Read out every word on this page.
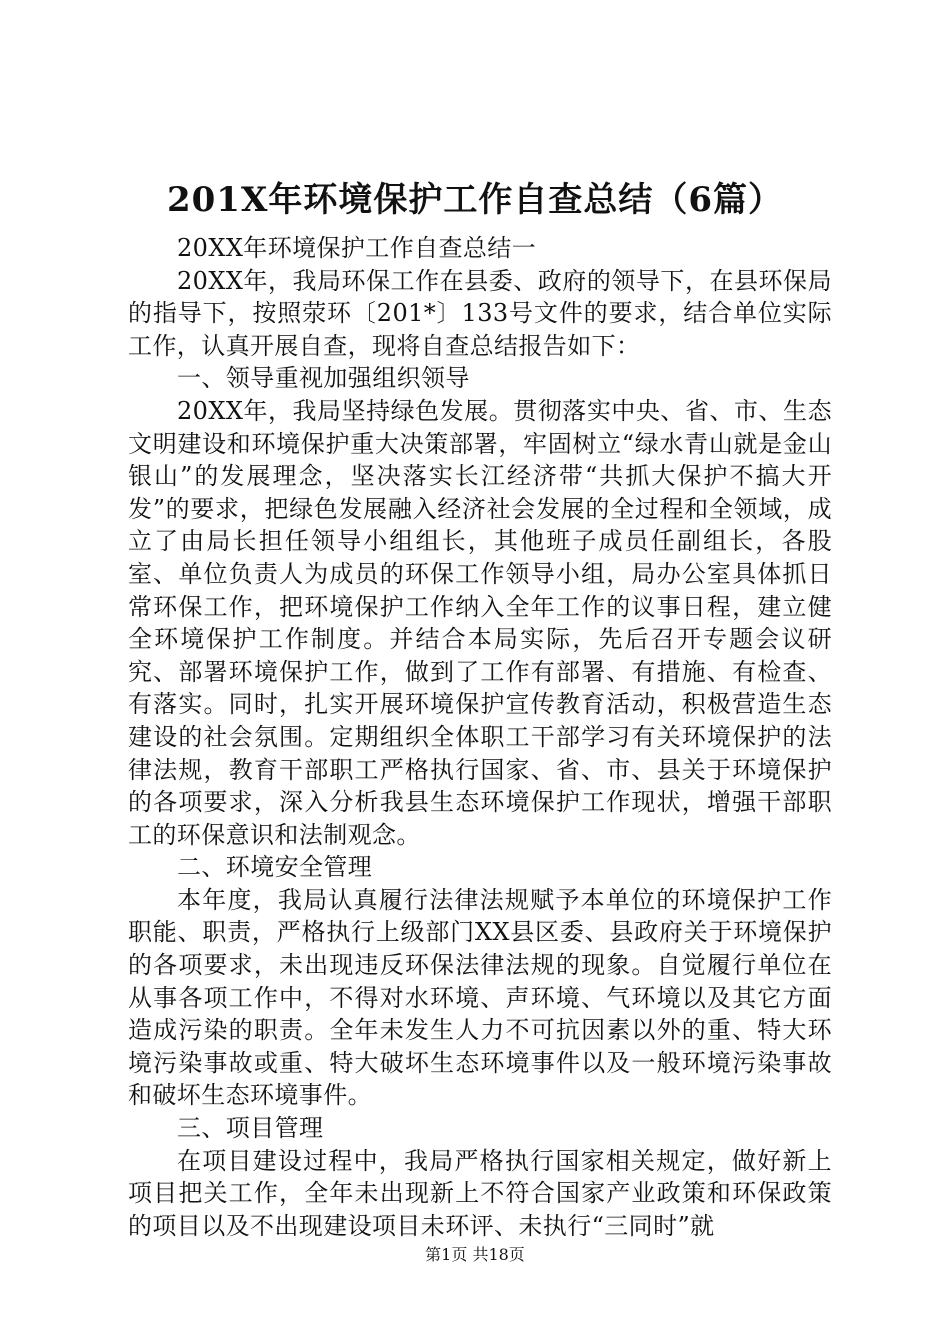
201X年环境保护工作自查总结（6篇）

20XX年环境保护工作自查总结一

20XX年，我局环保工作在县委、政府的领导下，在县环保局的指导下，按照荥环〔201*〕133号文件的要求，结合单位实际工作，认真开展自查，现将自查总结报告如下：

一、领导重视加强组织领导

20XX年，我局坚持绿色发展。贯彻落实中央、省、市、生态文明建设和环境保护重大决策部署，牢固树立“绿水青山就是金山银山”的发展理念，坚决落实长江经济带“共抓大保护不搞大开发”的要求，把绿色发展融入经济社会发展的全过程和全领域，成立了由局长担任领导小组组长，其他班子成员任副组长，各股室、单位负责人为成员的环保工作领导小组，局办公室具体抓日常环保工作，把环境保护工作纳入全年工作的议事日程，建立健全环境保护工作制度。并结合本局实际，先后召开专题会议研究、部署环境保护工作，做到了工作有部署、有措施、有检查、有落实。同时，扎实开展环境保护宣传教育活动，积极营造生态建设的社会氛围。定期组织全体职工干部学习有关环境保护的法律法规，教育干部职工严格执行国家、省、市、县关于环境保护的各项要求，深入分析我县生态环境保护工作现状，增强干部职工的环保意识和法制观念。

二、环境安全管理

本年度，我局认真履行法律法规赋予本单位的环境保护工作职能、职责，严格执行上级部门XX县区委、县政府关于环境保护的各项要求，未出现违反环保法律法规的现象。自觉履行单位在从事各项工作中，不得对水环境、声环境、气环境以及其它方面造成污染的职责。全年未发生人力不可抗因素以外的重、特大环境污染事故或重、特大破坏生态环境事件以及一般环境污染事故和破坏生态环境事件。

三、项目管理

在项目建设过程中，我局严格执行国家相关规定，做好新上项目把关工作，全年未出现新上不符合国家产业政策和环保政策的项目以及不出现建设项目未环评、未执行“三同时”就

第1页 共18页
